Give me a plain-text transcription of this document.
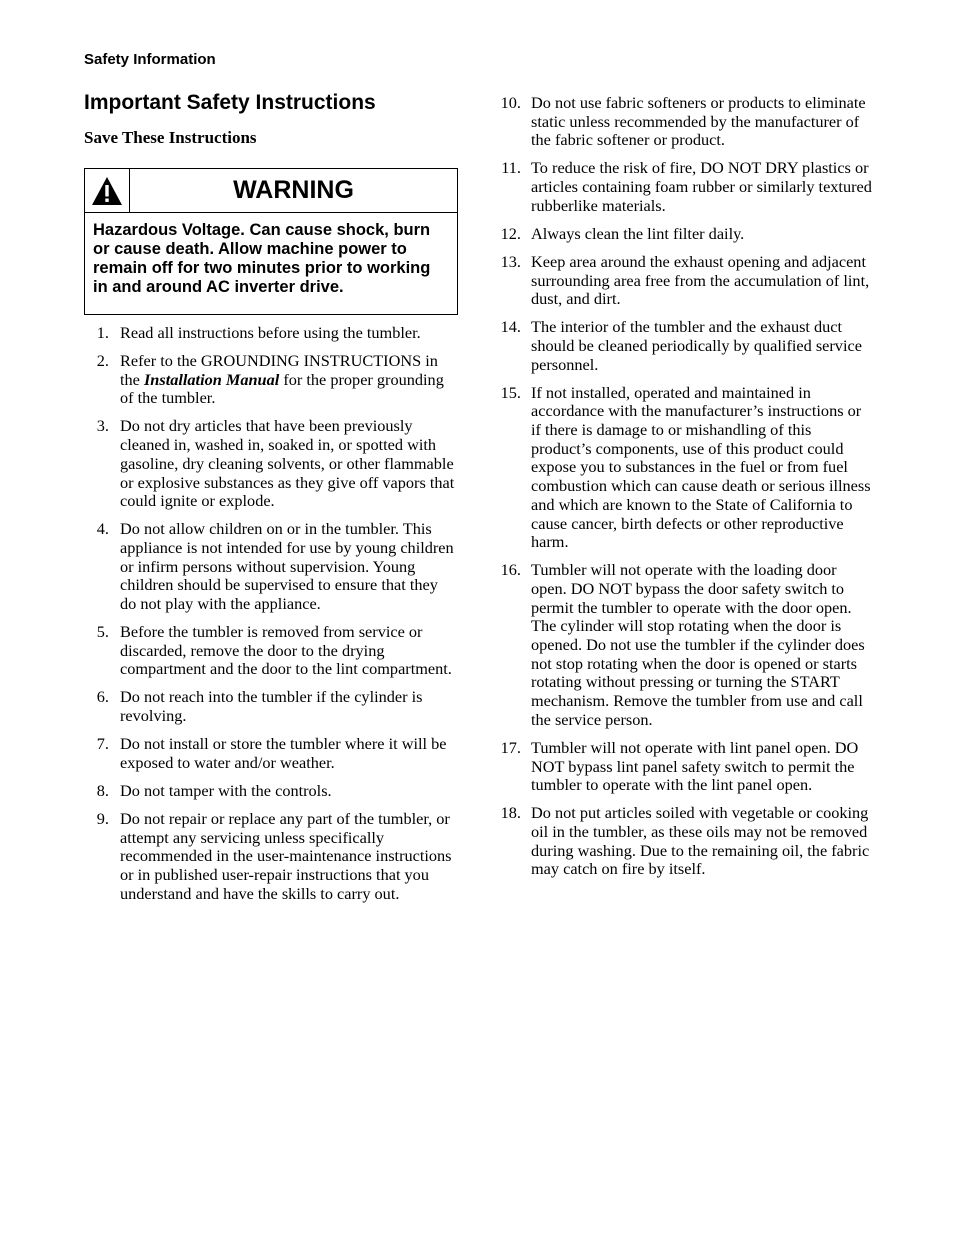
Safety Information
Important Safety Instructions
Save These Instructions
WARNING
Hazardous Voltage. Can cause shock, burn or cause death. Allow machine power to remain off for two minutes prior to working in and around AC inverter drive.
1. Read all instructions before using the tumbler.
2. Refer to the GROUNDING INSTRUCTIONS in the Installation Manual for the proper grounding of the tumbler.
3. Do not dry articles that have been previously cleaned in, washed in, soaked in, or spotted with gasoline, dry cleaning solvents, or other flammable or explosive substances as they give off vapors that could ignite or explode.
4. Do not allow children on or in the tumbler. This appliance is not intended for use by young children or infirm persons without supervision. Young children should be supervised to ensure that they do not play with the appliance.
5. Before the tumbler is removed from service or discarded, remove the door to the drying compartment and the door to the lint compartment.
6. Do not reach into the tumbler if the cylinder is revolving.
7. Do not install or store the tumbler where it will be exposed to water and/or weather.
8. Do not tamper with the controls.
9. Do not repair or replace any part of the tumbler, or attempt any servicing unless specifically recommended in the user-maintenance instructions or in published user-repair instructions that you understand and have the skills to carry out.
10. Do not use fabric softeners or products to eliminate static unless recommended by the manufacturer of the fabric softener or product.
11. To reduce the risk of fire, DO NOT DRY plastics or articles containing foam rubber or similarly textured rubberlike materials.
12. Always clean the lint filter daily.
13. Keep area around the exhaust opening and adjacent surrounding area free from the accumulation of lint, dust, and dirt.
14. The interior of the tumbler and the exhaust duct should be cleaned periodically by qualified service personnel.
15. If not installed, operated and maintained in accordance with the manufacturer’s instructions or if there is damage to or mishandling of this product’s components, use of this product could expose you to substances in the fuel or from fuel combustion which can cause death or serious illness and which are known to the State of California to cause cancer, birth defects or other reproductive harm.
16. Tumbler will not operate with the loading door open. DO NOT bypass the door safety switch to permit the tumbler to operate with the door open. The cylinder will stop rotating when the door is opened. Do not use the tumbler if the cylinder does not stop rotating when the door is opened or starts rotating without pressing or turning the START mechanism. Remove the tumbler from use and call the service person.
17. Tumbler will not operate with lint panel open. DO NOT bypass lint panel safety switch to permit the tumbler to operate with the lint panel open.
18. Do not put articles soiled with vegetable or cooking oil in the tumbler, as these oils may not be removed during washing. Due to the remaining oil, the fabric may catch on fire by itself.
